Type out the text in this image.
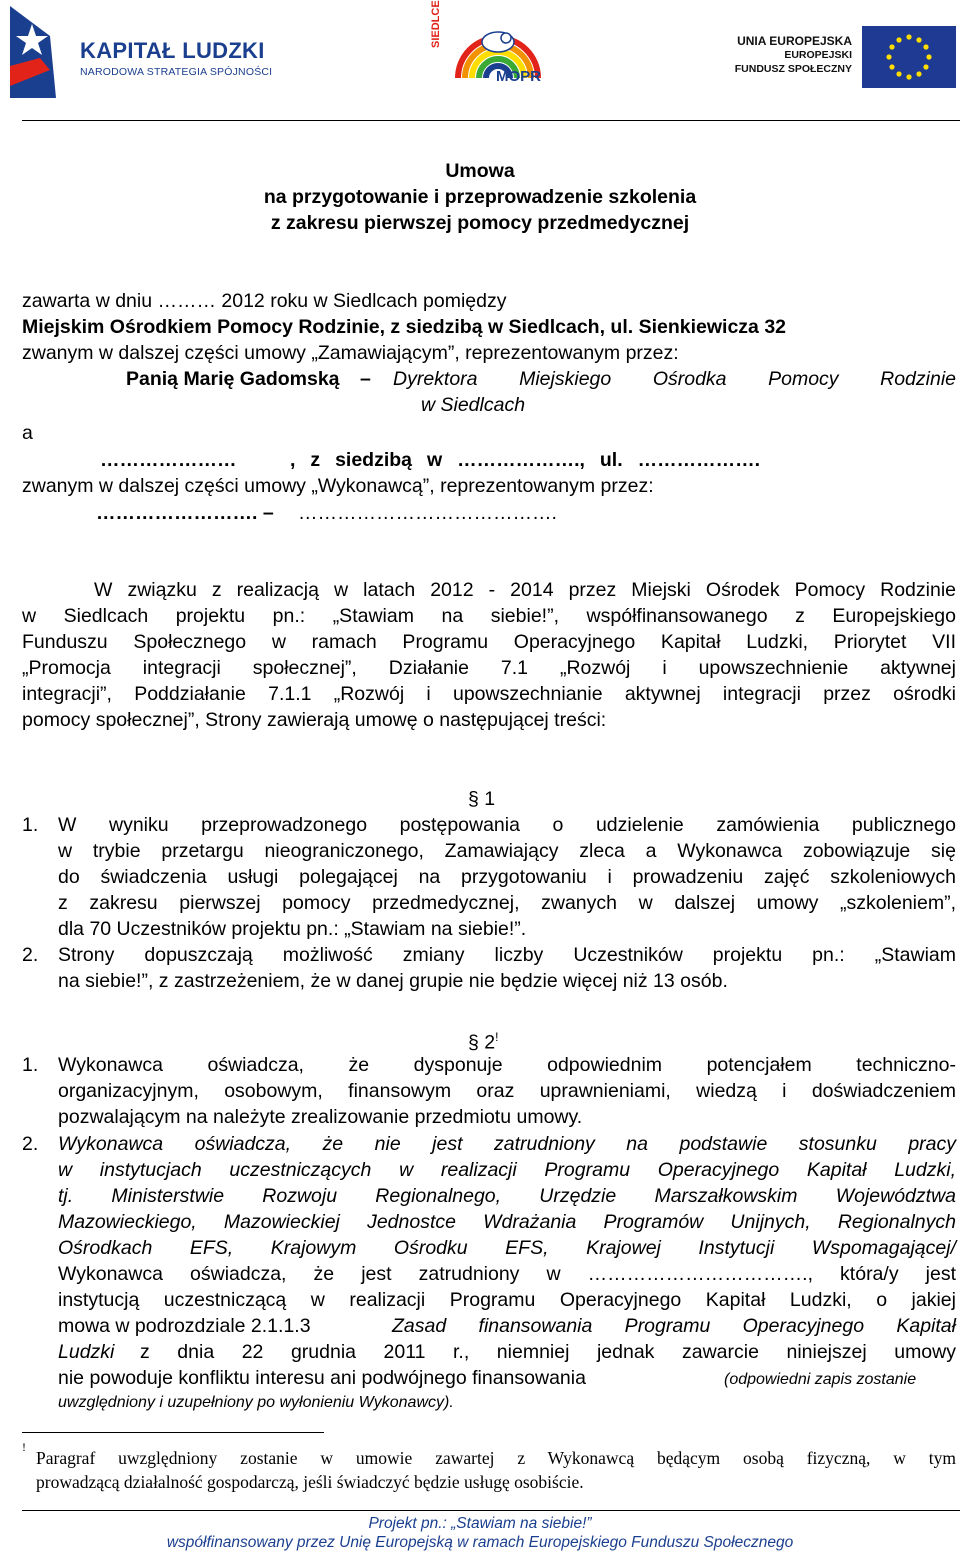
KAPITAŁ LUDZKI
NARODOWA STRATEGIA SPÓJNOŚCI
SIEDLCE
MOPR
UNIA EUROPEJSKA
EUROPEJSKI
FUNDUSZ SPOŁECZNY
Umowa
na przygotowanie i przeprowadzenie szkolenia
z zakresu pierwszej pomocy przedmedycznej
zawarta w dniu ……… 2012 roku w Siedlcach pomiędzy
Miejskim Ośrodkiem Pomocy Rodzinie, z siedzibą w Siedlcach, ul. Sienkiewicza 32
zwanym w dalszej części umowy „Zamawiającym”, reprezentowanym przez:
Panią Marię Gadomską – Dyrektora Miejskiego Ośrodka Pomocy Rodzinie
w Siedlcach
a
…………………	, z siedzibą w ………………., ul. ……………….
zwanym w dalszej części umowy „Wykonawcą”, reprezentowanym przez:
……………………. – ………………………………….
W związku z realizacją w latach 2012 - 2014 przez Miejski Ośrodek Pomocy Rodzinie
w Siedlcach projektu pn.: „Stawiam na siebie!”, współfinansowanego z Europejskiego
Funduszu Społecznego w ramach Programu Operacyjnego Kapitał Ludzki, Priorytet VII
„Promocja integracji społecznej”, Działanie 7.1 „Rozwój i upowszechnienie aktywnej
integracji”, Poddziałanie 7.1.1 „Rozwój i upowszechnianie aktywnej integracji przez ośrodki
pomocy społecznej”, Strony zawierają umowę o następującej treści:
§ 1
1. W wyniku przeprowadzonego postępowania o udzielenie zamówienia publicznego
w trybie przetargu nieograniczonego, Zamawiający zleca a Wykonawca zobowiązuje się
do świadczenia usługi polegającej na przygotowaniu i prowadzeniu zajęć szkoleniowych
z zakresu pierwszej pomocy przedmedycznej, zwanych w dalszej umowy „szkoleniem”,
dla 70 Uczestników projektu pn.: „Stawiam na siebie!”.
2. Strony dopuszczają możliwość zmiany liczby Uczestników projektu pn.: „Stawiam
na siebie!”, z zastrzeżeniem, że w danej grupie nie będzie więcej niż 13 osób.
§ 2!
1. Wykonawca oświadcza, że dysponuje odpowiednim potencjałem techniczno-
organizacyjnym, osobowym, finansowym oraz uprawnieniami, wiedzą i doświadczeniem
pozwalającym na należyte zrealizowanie przedmiotu umowy.
2. Wykonawca oświadcza, że nie jest zatrudniony na podstawie stosunku pracy
w instytucjach uczestniczących w realizacji Programu Operacyjnego Kapitał Ludzki,
tj. Ministerstwie Rozwoju Regionalnego, Urzędzie Marszałkowskim Województwa
Mazowieckiego, Mazowieckiej Jednostce Wdrażania Programów Unijnych, Regionalnych
Ośrodkach EFS, Krajowym Ośrodku EFS, Krajowej Instytucji Wspomagającej/
Wykonawca oświadcza, że jest zatrudniony w ……………………………., która/y jest
instytucją uczestniczącą w realizacji Programu Operacyjnego Kapitał Ludzki, o jakiej
mowa w podrozdziale 2.1.1.3	Zasad finansowania Programu Operacyjnego Kapitał
Ludzki z dnia 22 grudnia 2011 r., niemniej jednak zawarcie niniejszej umowy
nie powoduje konfliktu interesu ani podwójnego finansowania	(odpowiedni zapis zostanie
uwzględniony i uzupełniony po wyłonieniu Wykonawcy).
!
Paragraf uwzględniony zostanie w umowie zawartej z Wykonawcą będącym osobą fizyczną, w tym
prowadzącą działalność gospodarczą, jeśli świadczyć będzie usługę osobiście.
Projekt pn.: „Stawiam na siebie!”
współfinansowany przez Unię Europejską w ramach Europejskiego Funduszu Społecznego
